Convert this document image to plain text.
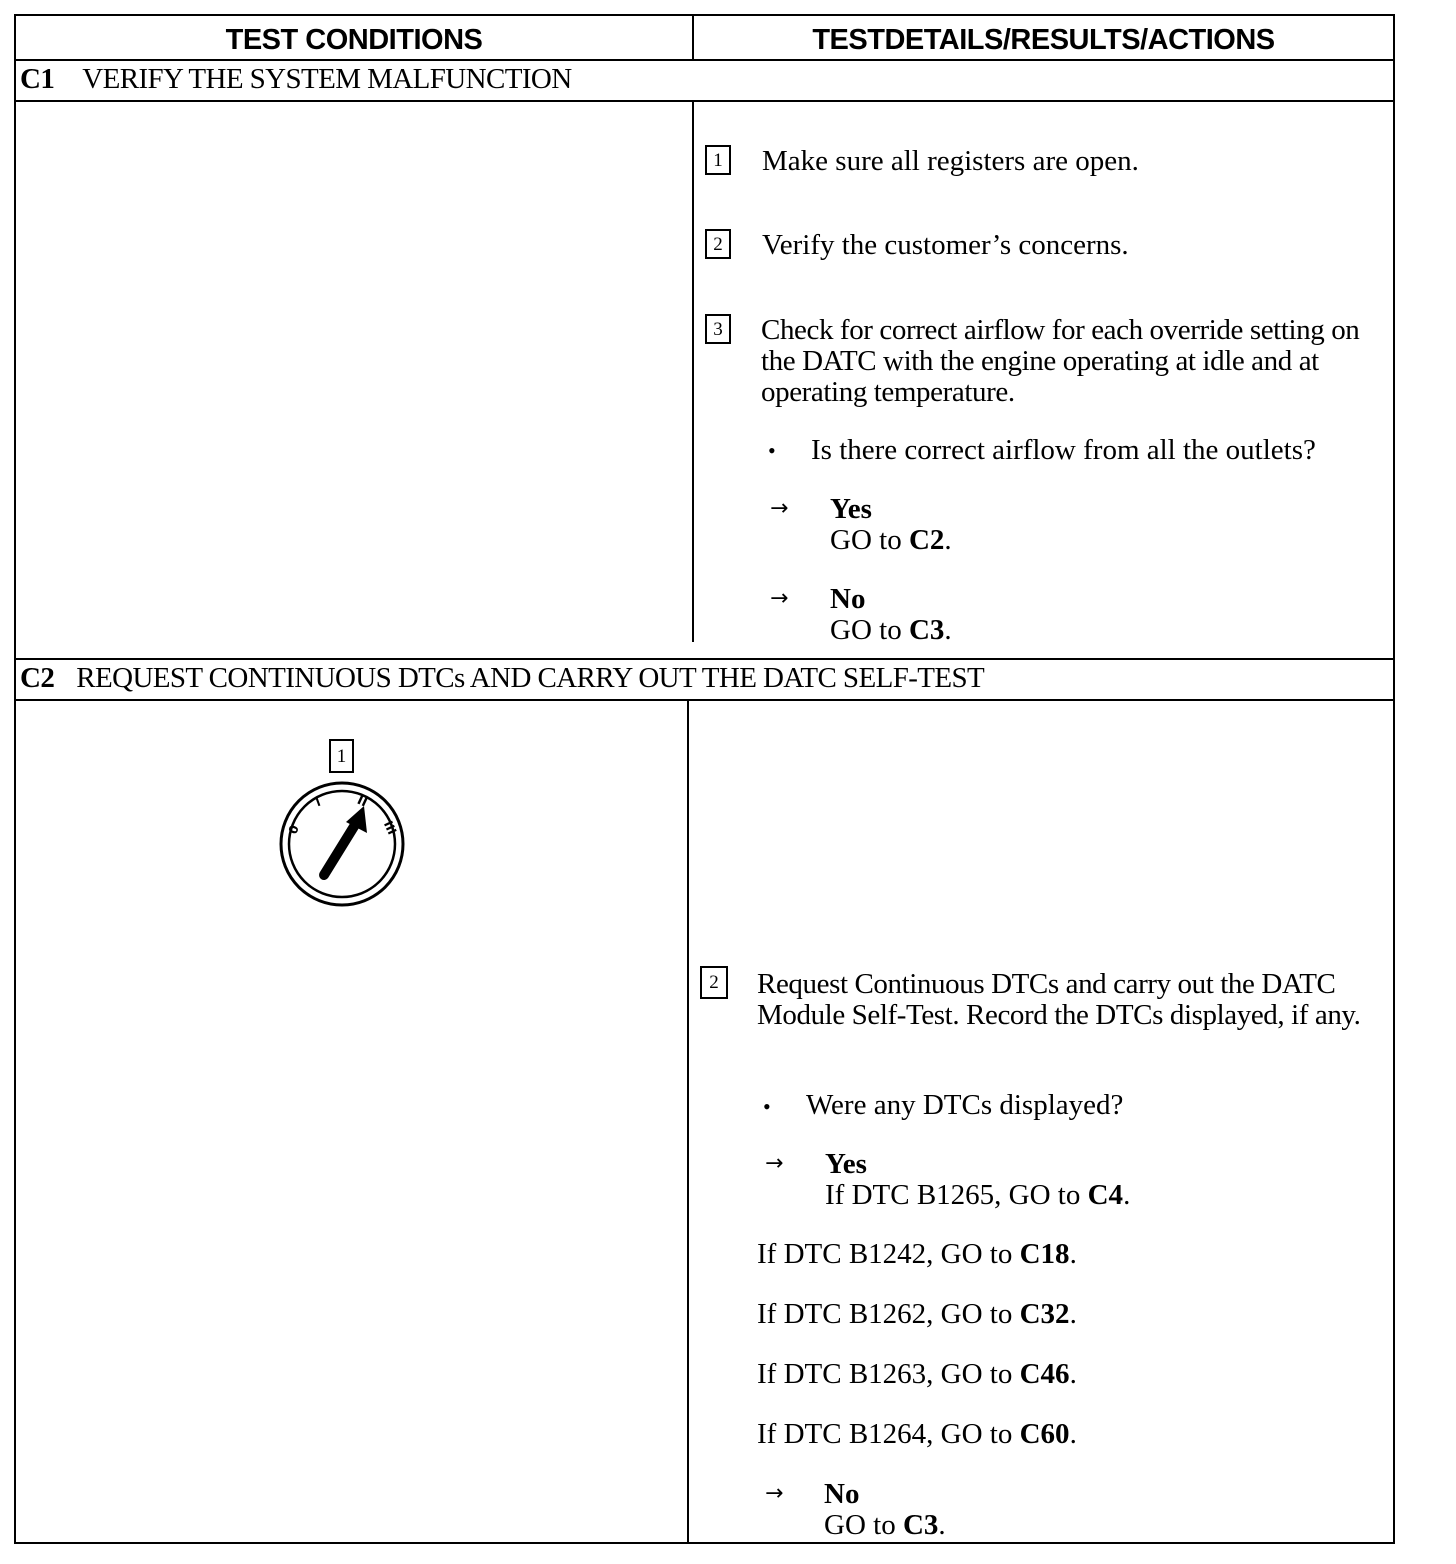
TEST CONDITIONS	TESTDETAILS/RESULTS/ACTIONS
C1 VERIFY THE SYSTEM MALFUNCTION
1 Make sure all registers are open.
2 Verify the customer’s concerns.
3 Check for correct airflow for each override setting on the DATC with the engine operating at idle and at operating temperature.
• Is there correct airflow from all the outlets?
→ Yes
GO to C2.
→ No
GO to C3.
C2 REQUEST CONTINUOUS DTCs AND CARRY OUT THE DATC SELF-TEST
1
0
I II
III
2	Request Continuous DTCs and carry out the DATC Module Self-Test. Record the DTCs displayed, if any.
• Were any DTCs displayed?
→ Yes
If DTC B1265, GO to C4.
If DTC B1242, GO to C18.
If DTC B1262, GO to C32.
If DTC B1263, GO to C46.
If DTC B1264, GO to C60.
→ No
GO to C3.
